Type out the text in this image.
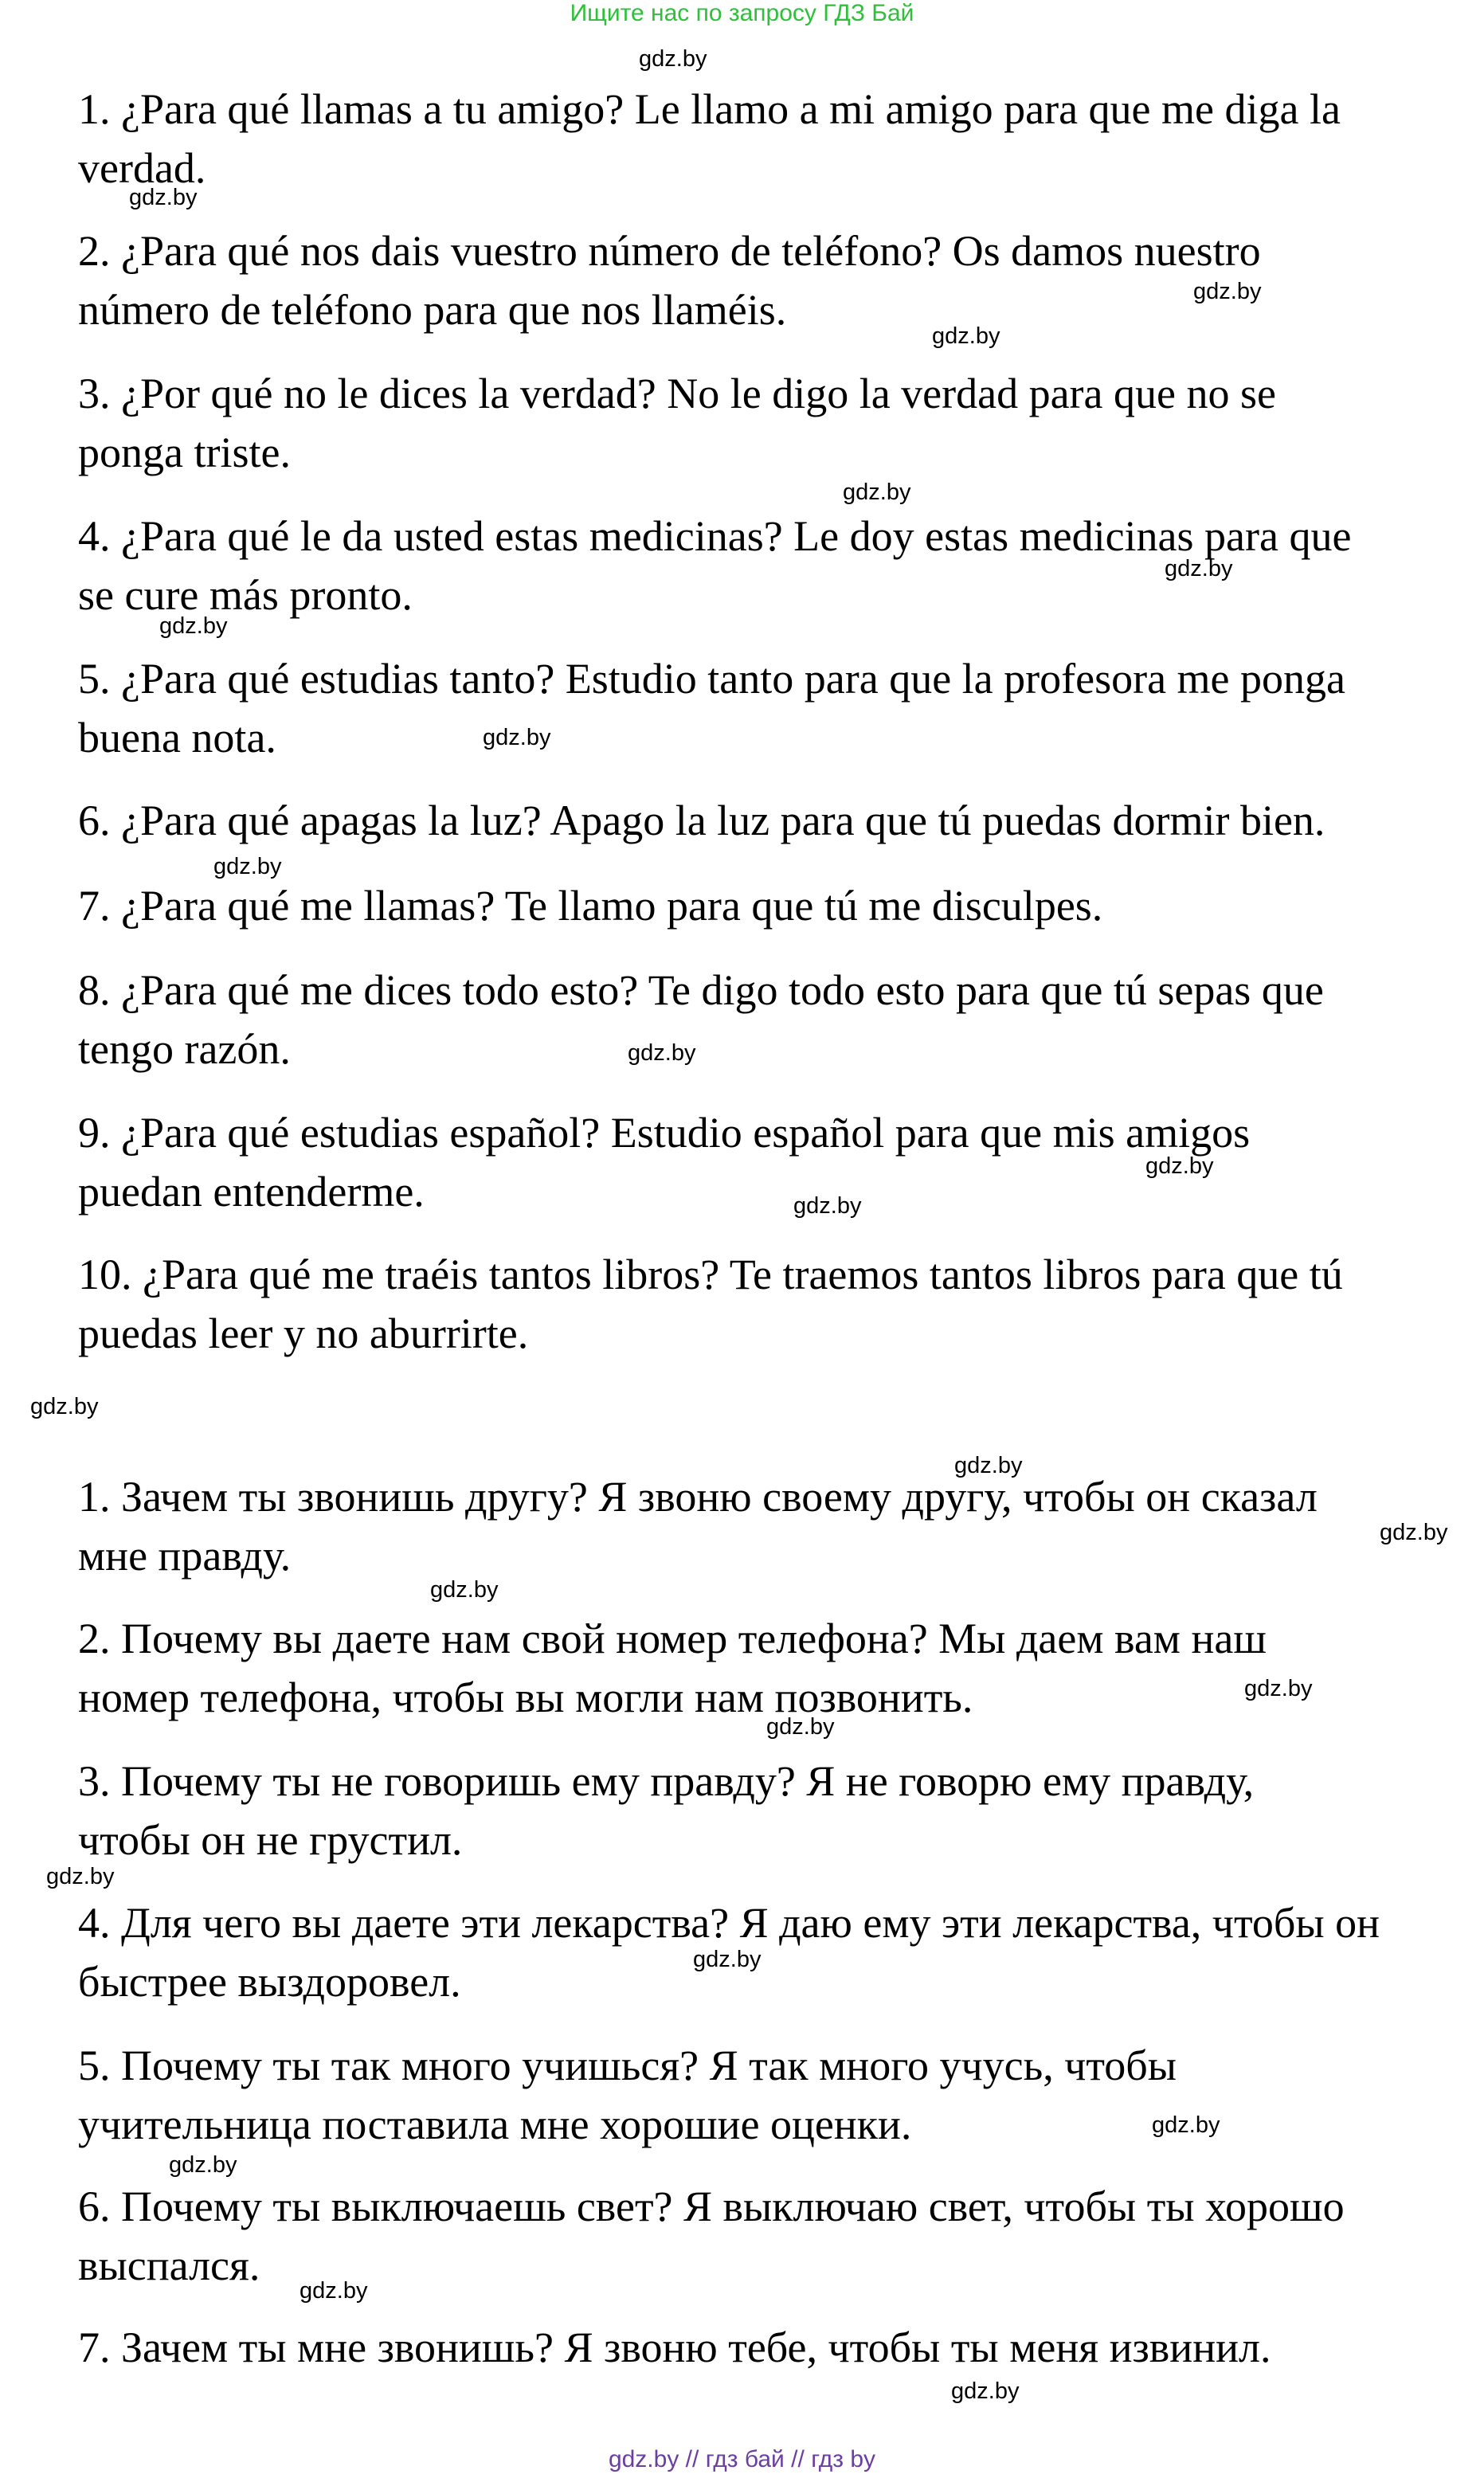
Ищите нас по запросу ГДЗ Бай
1. ¿Para qué llamas a tu amigo? Le llamo a mi amigo para que me diga la
verdad.
2. ¿Para qué nos dais vuestro número de teléfono? Os damos nuestro
número de teléfono para que nos llaméis.
3. ¿Por qué no le dices la verdad? No le digo la verdad para que no se
ponga triste.
4. ¿Para qué le da usted estas medicinas? Le doy estas medicinas para que
se cure más pronto.
5. ¿Para qué estudias tanto? Estudio tanto para que la profesora me ponga
buena nota.
6. ¿Para qué apagas la luz? Apago la luz para que tú puedas dormir bien.
7. ¿Para qué me llamas? Te llamo para que tú me disculpes.
8. ¿Para qué me dices todo esto? Te digo todo esto para que tú sepas que
tengo razón.
9. ¿Para qué estudias español? Estudio español para que mis amigos
puedan entenderme.
10. ¿Para qué me traéis tantos libros? Te traemos tantos libros para que tú
puedas leer y no aburrirte.
1. Зачем ты звонишь другу? Я звоню своему другу, чтобы он сказал
мне правду.
2. Почему вы даете нам свой номер телефона? Мы даем вам наш
номер телефона, чтобы вы могли нам позвонить.
3. Почему ты не говоришь ему правду? Я не говорю ему правду,
чтобы он не грустил.
4. Для чего вы даете эти лекарства? Я даю ему эти лекарства, чтобы он
быстрее выздоровел.
5. Почему ты так много учишься? Я так много учусь, чтобы
учительница поставила мне хорошие оценки.
6. Почему ты выключаешь свет? Я выключаю свет, чтобы ты хорошо
выспался.
7. Зачем ты мне звонишь? Я звоню тебе, чтобы ты меня извинил.
gdz.by
gdz.by
gdz.by
gdz.by
gdz.by
gdz.by
gdz.by
gdz.by
gdz.by
gdz.by
gdz.by
gdz.by
gdz.by
gdz.by
gdz.by
gdz.by
gdz.by
gdz.by
gdz.by
gdz.by
gdz.by
gdz.by
gdz.by
gdz.by
gdz.by // гдз бай // гдз by
